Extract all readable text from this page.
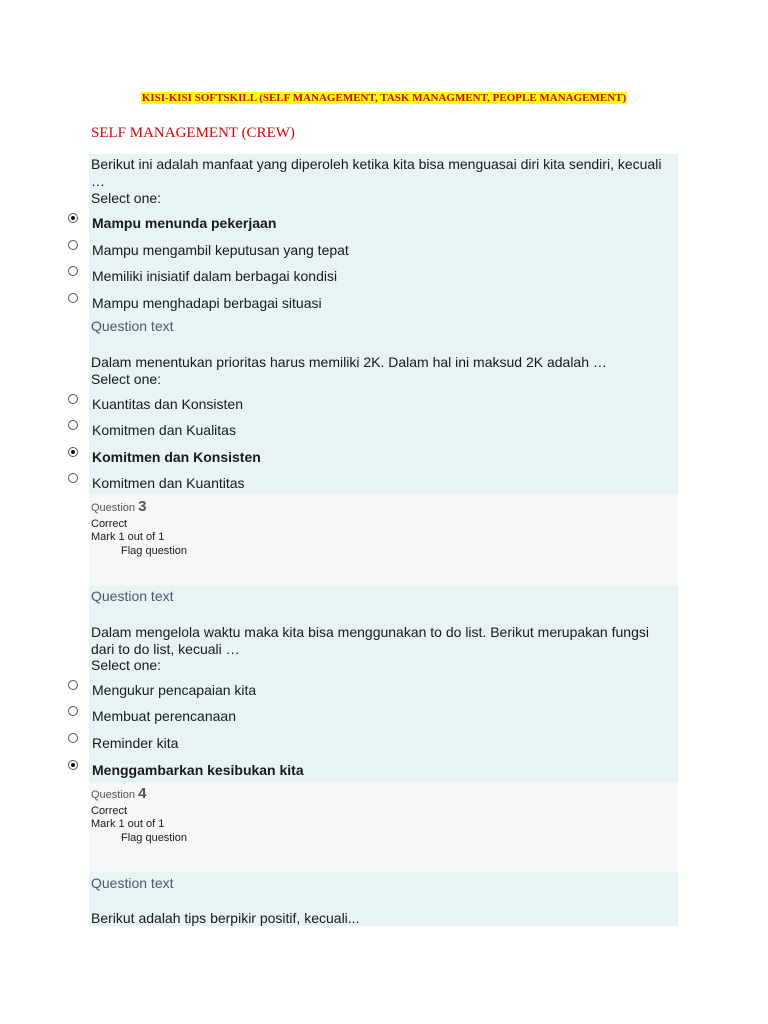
KISI-KISI SOFTSKILL (SELF MANAGEMENT, TASK MANAGMENT, PEOPLE MANAGEMENT)
SELF MANAGEMENT (CREW)
Berikut ini adalah manfaat yang diperoleh ketika kita bisa menguasai diri kita sendiri, kecuali …
Select one:
Mampu menunda pekerjaan
Mampu mengambil keputusan yang tepat
Memiliki inisiatif dalam berbagai kondisi
Mampu menghadapi berbagai situasi
Question text
Dalam menentukan prioritas harus memiliki 2K. Dalam hal ini maksud 2K adalah …
Select one:
Kuantitas dan Konsisten
Komitmen dan Kualitas
Komitmen dan Konsisten
Komitmen dan Kuantitas
Question 3
Correct
Mark 1 out of 1
Flag question
Question text
Dalam mengelola waktu maka kita bisa menggunakan to do list. Berikut merupakan fungsi dari to do list, kecuali …
Select one:
Mengukur pencapaian kita
Membuat perencanaan
Reminder kita
Menggambarkan kesibukan kita
Question 4
Correct
Mark 1 out of 1
Flag question
Question text
Berikut adalah tips berpikir positif, kecuali...
